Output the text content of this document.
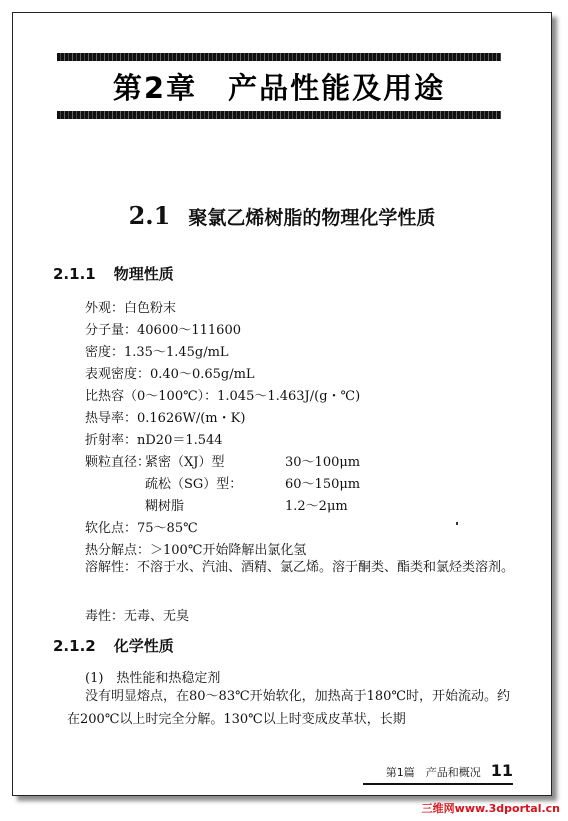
第2章　产品性能及用途
2.1 聚氯乙烯树脂的物理化学性质
2.1.1 物理性质
外观：白色粉末
分子量：40600～111600
密度：1.35～1.45g/mL
表观密度：0.40～0.65g/mL
比热容（0～100℃）：1.045～1.463J/(g・℃)
热导率：0.1626W/(m・K)
折射率：nD20＝1.544
颗粒直径：
紧密（XJ）型	30～100μm
疏松（SG）型：	60～150μm
糊树脂	1.2～2μm
软化点：75～85℃
热分解点：＞100℃开始降解出氯化氢
溶解性：不溶于水、汽油、酒精、氯乙烯。溶于酮类、酯类和氯烃类溶剂。
毒性：无毒、无臭
2.1.2 化学性质
(1)　热性能和热稳定剂
没有明显熔点，在80～83℃开始软化，加热高于180℃时，开始流动。约在200℃以上时完全分解。130℃以上时变成皮革状，长期
第1篇　产品和概况 11
三维网www.3dportal.cn
